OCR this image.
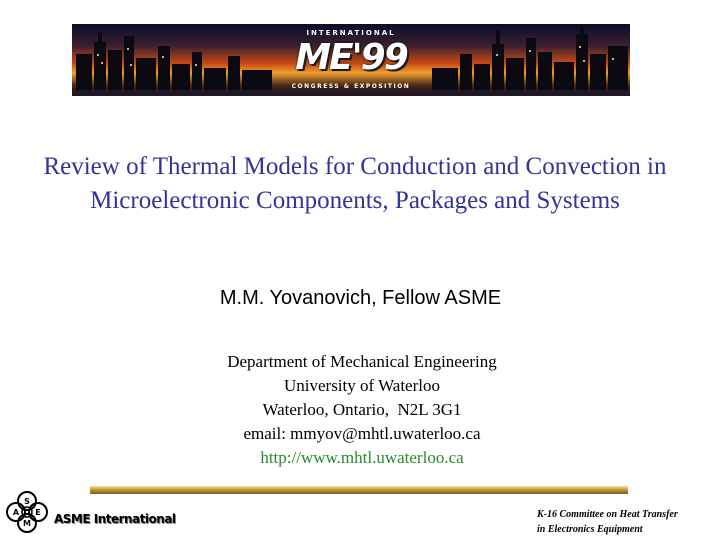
INTERNATIONAL
ME'99
CONGRESS & EXPOSITION
Review of Thermal Models for Conduction and Convection in Microelectronic Components, Packages and Systems
M.M. Yovanovich, Fellow ASME
Department of Mechanical Engineering
University of Waterloo
Waterloo, Ontario,  N2L 3G1
email: mmyov@mhtl.uwaterloo.ca
http://www.mhtl.uwaterloo.ca
S
A E
M ASME International	K-16 Committee on Heat Transfer
in Electronics Equipment
